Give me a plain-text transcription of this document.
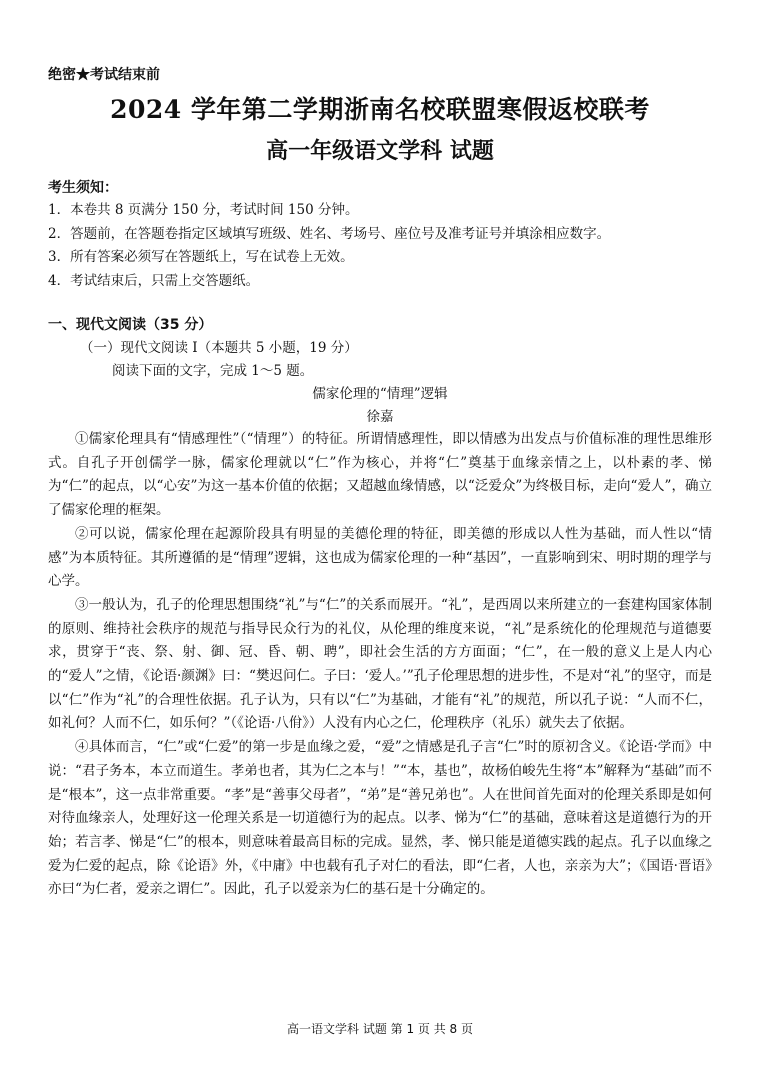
绝密★考试结束前
2024 学年第二学期浙南名校联盟寒假返校联考
高一年级语文学科 试题
考生须知：
1．本卷共 8 页满分 150 分，考试时间 150 分钟。
2．答题前，在答题卷指定区域填写班级、姓名、考场号、座位号及准考证号并填涂相应数字。
3．所有答案必须写在答题纸上，写在试卷上无效。
4．考试结束后，只需上交答题纸。
一、现代文阅读（35 分）
（一）现代文阅读 I（本题共 5 小题，19 分）
阅读下面的文字，完成 1～5 题。
儒家伦理的“情理”逻辑
徐嘉

①儒家伦理具有“情感理性”（“情理”）的特征。所谓情感理性，即以情感为出发点与价值标准的理性思维形式。自孔子开创儒学一脉，儒家伦理就以“仁”作为核心，并将“仁”奠基于血缘亲情之上，以朴素的孝、悌为“仁”的起点，以“心安”为这一基本价值的依据；又超越血缘情感，以“泛爱众”为终极目标，走向“爱人”，确立了儒家伦理的框架。

②可以说，儒家伦理在起源阶段具有明显的美德伦理的特征，即美德的形成以人性为基础，而人性以“情感”为本质特征。其所遵循的是“情理”逻辑，这也成为儒家伦理的一种“基因”，一直影响到宋、明时期的理学与心学。

③一般认为，孔子的伦理思想围绕“礼”与“仁”的关系而展开。“礼”，是西周以来所建立的一套建构国家体制的原则、维持社会秩序的规范与指导民众行为的礼仪，从伦理的维度来说，“礼”是系统化的伦理规范与道德要求，贯穿于“丧、祭、射、御、冠、昏、朝、聘”，即社会生活的方方面面；“仁”，在一般的意义上是人内心的“爱人”之情，《论语·颜渊》曰：“樊迟问仁。子曰：‘爱人。’”孔子伦理思想的进步性，不是对“礼”的坚守，而是以“仁”作为“礼”的合理性依据。孔子认为，只有以“仁”为基础，才能有“礼”的规范，所以孔子说：“人而不仁，如礼何？人而不仁，如乐何？”（《论语·八佾》）人没有内心之仁，伦理秩序（礼乐）就失去了依据。

④具体而言，“仁”或“仁爱”的第一步是血缘之爱，“爱”之情感是孔子言“仁”时的原初含义。《论语·学而》中说：“君子务本，本立而道生。孝弟也者，其为仁之本与！”“本，基也”，故杨伯峻先生将“本”解释为“基础”而不是“根本”，这一点非常重要。“孝”是“善事父母者”，“弟”是“善兄弟也”。人在世间首先面对的伦理关系即是如何对待血缘亲人，处理好这一伦理关系是一切道德行为的起点。以孝、悌为“仁”的基础，意味着这是道德行为的开始；若言孝、悌是“仁”的根本，则意味着最高目标的完成。显然，孝、悌只能是道德实践的起点。孔子以血缘之爱为仁爱的起点，除《论语》外，《中庸》中也载有孔子对仁的看法，即“仁者，人也，亲亲为大”；《国语·晋语》亦曰“为仁者，爱亲之谓仁”。因此，孔子以爱亲为仁的基石是十分确定的。

高一语文学科 试题 第 1 页 共 8 页
